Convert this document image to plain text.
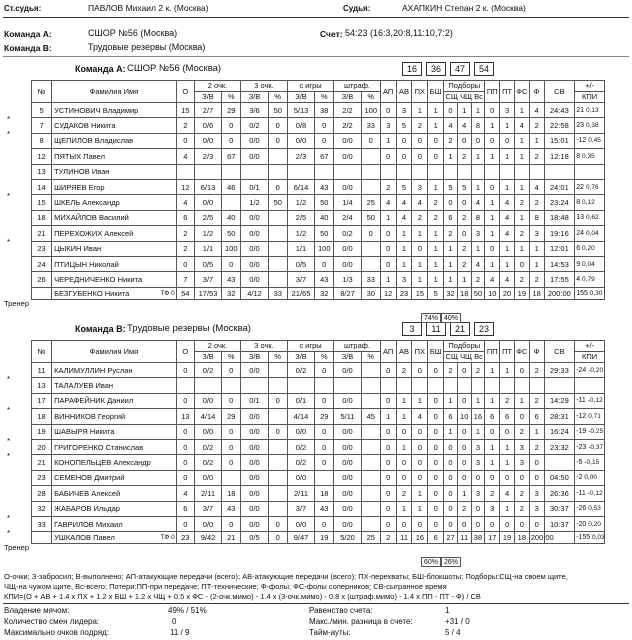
Ст.судья:	ПАВЛОВ Михаил 2 к. (Москва)	Судья:	АХАПКИН Степан 2 к. (Москва)
Команда А:	СШОР №56 (Москва)	Счет: 54:23 (16:3,20:8,11:10,7:2)
Команда В:	Трудовые резервы (Москва)
Команда А: СШОР №56 (Москва)	16	36	47	54
№	Фамилия Имя	О	2 очк.		3 очк.		с игры		штраф.		АП	АВ	ПХ	БШ	Подборы			ПП	ПТ	ФС	Ф	СВ	+/-
			З/В	%	З/В	%	З/В	%	З/В	%					СЩ ЧЩ Вс								КПИ
5	УСТИНОВИЧ Владимир	15	2/7	29	3/6	50	5/13	38	2/2	100	0	3	1	1	0	1	1	0	3	1	4	24:43	21 0,13
7	СУДАКОВ Никита	2	0/6	0	0/2	0	0/8	0	2/2	33	3	5	2	1	4	4	8	1	1	4	2	22:58	23 0,38
8	ЩЕПИЛОВ Владислав	0	0/0	0	0/0	0	0/0	0	0/0	0	1	0	0	0	2	0	0	0	0	1	1	15:01	-12 0,45
12	ПЯТЫХ Павел	4	2/3	67	0/0		2/3	67	0/0		0	0	0	0	1	2	1	1	1	1	2	12:18	8 0,35
13	ТУЛИНОВ Иван																						
14	ШИРЯЕВ Егор	12	6/13	46	0/1	0	6/14	43	0/0		2	5	3	1	5	5	1	0	1	1	4	24:01	22 0,76
15	ШКЕЛЬ Александр	4	0/0		1/2	50	1/2	50	1/4	25	4	4	4	2	0	0	4	1	4	2	2	23:24	8 0,12
18	МИХАЙЛОВ Василий	6	2/5	40	0/0		2/5	40	2/4	50	1	4	2	2	6	2	8	1	4	1	8	18:48	13 0,62
21	ПЕРЕХОЖИХ Алексей	2	1/2	50	0/0		1/2	50	0/2	0	0	1	1	1	2	0	3	1	4	2	3	19:16	24 0,04
23	ЦЫКИН Иван	2	1/1	100	0/0		1/1	100	0/0		0	1	0	1	1	2	1	0	1	1	1	12:01	6 0,20
24	ПТИЦЫН Николай	0	0/5	0	0/0		0/5	0	0/0		0	1	1	1	1	2	4	1	1	0	1	14:53	9 0,04
26	ЧЕРЕДНИЧЕНКО Никита	7	3/7	43	0/0		3/7	43	1/3	33	1	3	1	1	1	1	2	4	4	2	2	17:55	4 0,79
	БЕЗГУБЕНКО Никита ТФ 0	54	17/53	32	4/12	33	21/65	32	8/27	30	12	23	15	5	32	18	50	10	20	19	18	200:00	155 0,30
Команда В: Трудовые резервы (Москва)	3	11	21	23
№	Фамилия Имя	О	2 очк.		3 очк.		с игры		штраф.		АП	АВ	ПХ	БШ	Подборы			ПП	ПТ	ФС	Ф	СВ	+/-
			З/В	%	З/В	%	З/В	%	З/В	%					СЩ ЧЩ Вс								КПИ
11	КАЛИМУЛЛИН Руслан	0	0/2	0	0/0		0/2	0	0/0		0	2	0	0	2	0	2	1	1	0	2	29:33	-24 -0,20
13	ТАЛАЛУЕВ Иван																						
17	ПАРАФЕЙНИК Даниил	0	0/0	0	0/1	0	0/1	0	0/0		0	1	1	0	1	0	1	1	2	1	2	14:29	-11 -0,12
18	ВИННИКОВ Георгий	13	4/14	29	0/0		4/14	29	5/11	45	1	1	4	0	6	10	16	6	6	0	6	28:31	-12 0,71
19	ШАВЫРЯ Никита	0	0/0	0	0/0	0	0/0	0	0/0		0	0	0	0	1	0	1	0	0	2	1	16:24	-19 -0,25
20	ГРИГОРЕНКО Станислав	0	0/2	0	0/0		0/2	0	0/0		0	1	0	0	0	0	3	1	1	3	2	23:32	-23 -0,37
21	КОНОПЕЛЬЦЕВ Александр	0	0/2	0	0/0		0/2	0	0/0		0	0	0	0	0	0	3	1	1	3	0		-5 -0,15
23	СЕМЕНОВ Дмитрий	0	0/0		0/0		0/0		0/0		0	0	0	0	0	0	0	0	0	0	0	04:50	-2 0,00
28	БАБИЧЕВ Алексей	4	2/11	18	0/0		2/11	18	0/0		0	2	1	0	0	1	3	2	4	2	3	26:36	-11 -0,12
32	ЖАБАРОВ Ильдар	6	3/7	43	0/0		3/7	43	0/0		0	1	1	0	0	2	0	3	1	2	3	30:37	-26 0,53
33	ГАВРИЛОВ Михаил	0	0/0	0	0/0	0	0/0	0	0/0		0	0	0	0	0	0	0	0	0	0	0	10:37	-20 0,20
	УШКАЛОВ Павел ТФ 0	23	9/42	21	0/5	0	9/47	19	5/20	25	2	11	16	6	27	11	38	17	19	18	200:00		-155 0,03
О-очки; З-забросил; В-выполнено; АП-атакующие передачи (всего); АВ-атакующие передачи (всего); ПХ-перехваты; БШ-блокшоты; Подборы:СЩ-на своем щите,
ЧЩ-на чужом щите, Вс-всего; Потери:ПП-при передаче; ПТ-технические; Ф-фолы; ФС-фолы соперников; СВ-сыгранное время
КПИ=(О + АВ + 1.4 х ПХ + 1.2 х БШ + 1.2 х ЧЩ + 0.5 х ФС - (2-очк.мимо) - 1.4 х (3-очк.мимо) - 0.8 х (штраф.мимо) - 1.4 х ПП - ПТ - Ф) / СВ
Владение мячом:	49% / 51%
Количество смен лидера:	0
Максимально очков подряд:	11 / 9
Равенство счета:	1
Макс./мин. разница в счете:	+31 / 0
Тайм-ауты:	5 / 4
*
*
*
*
Тренер
74% 40%
*
*
*
*
*
*
Тренер
60% 26%
